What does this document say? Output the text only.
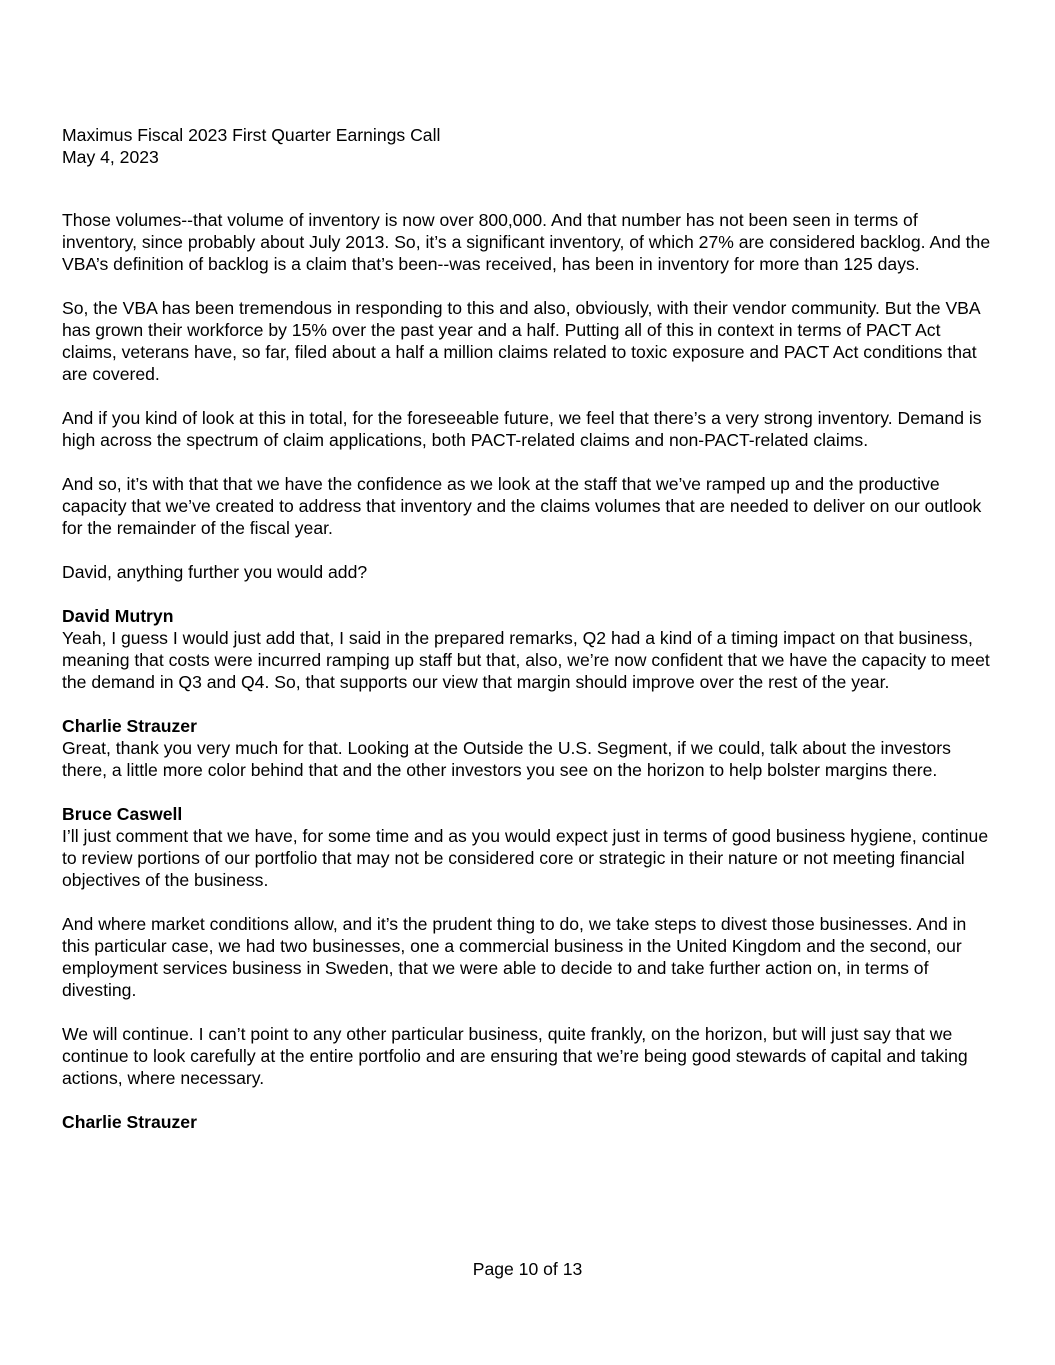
Maximus Fiscal 2023 First Quarter Earnings Call

May 4, 2023

Those volumes--that volume of inventory is now over 800,000. And that number has not been seen in terms of inventory, since probably about July 2013. So, it’s a significant inventory, of which 27% are considered backlog. And the VBA’s definition of backlog is a claim that’s been--was received, has been in inventory for more than 125 days.

So, the VBA has been tremendous in responding to this and also, obviously, with their vendor community. But the VBA has grown their workforce by 15% over the past year and a half. Putting all of this in context in terms of PACT Act claims, veterans have, so far, filed about a half a million claims related to toxic exposure and PACT Act conditions that are covered.

And if you kind of look at this in total, for the foreseeable future, we feel that there’s a very strong inventory. Demand is high across the spectrum of claim applications, both PACT-related claims and non-PACT-related claims.

And so, it’s with that that we have the confidence as we look at the staff that we’ve ramped up and the productive capacity that we’ve created to address that inventory and the claims volumes that are needed to deliver on our outlook for the remainder of the fiscal year.

David, anything further you would add?

David Mutryn

Yeah, I guess I would just add that, I said in the prepared remarks, Q2 had a kind of a timing impact on that business, meaning that costs were incurred ramping up staff but that, also, we’re now confident that we have the capacity to meet the demand in Q3 and Q4. So, that supports our view that margin should improve over the rest of the year.

Charlie Strauzer

Great, thank you very much for that. Looking at the Outside the U.S. Segment, if we could, talk about the investors there, a little more color behind that and the other investors you see on the horizon to help bolster margins there.

Bruce Caswell

I’ll just comment that we have, for some time and as you would expect just in terms of good business hygiene, continue to review portions of our portfolio that may not be considered core or strategic in their nature or not meeting financial objectives of the business.

And where market conditions allow, and it’s the prudent thing to do, we take steps to divest those businesses. And in this particular case, we had two businesses, one a commercial business in the United Kingdom and the second, our employment services business in Sweden, that we were able to decide to and take further action on, in terms of divesting.

We will continue. I can’t point to any other particular business, quite frankly, on the horizon, but will just say that we continue to look carefully at the entire portfolio and are ensuring that we’re being good stewards of capital and taking actions, where necessary.

Charlie Strauzer

Page 10 of 13
